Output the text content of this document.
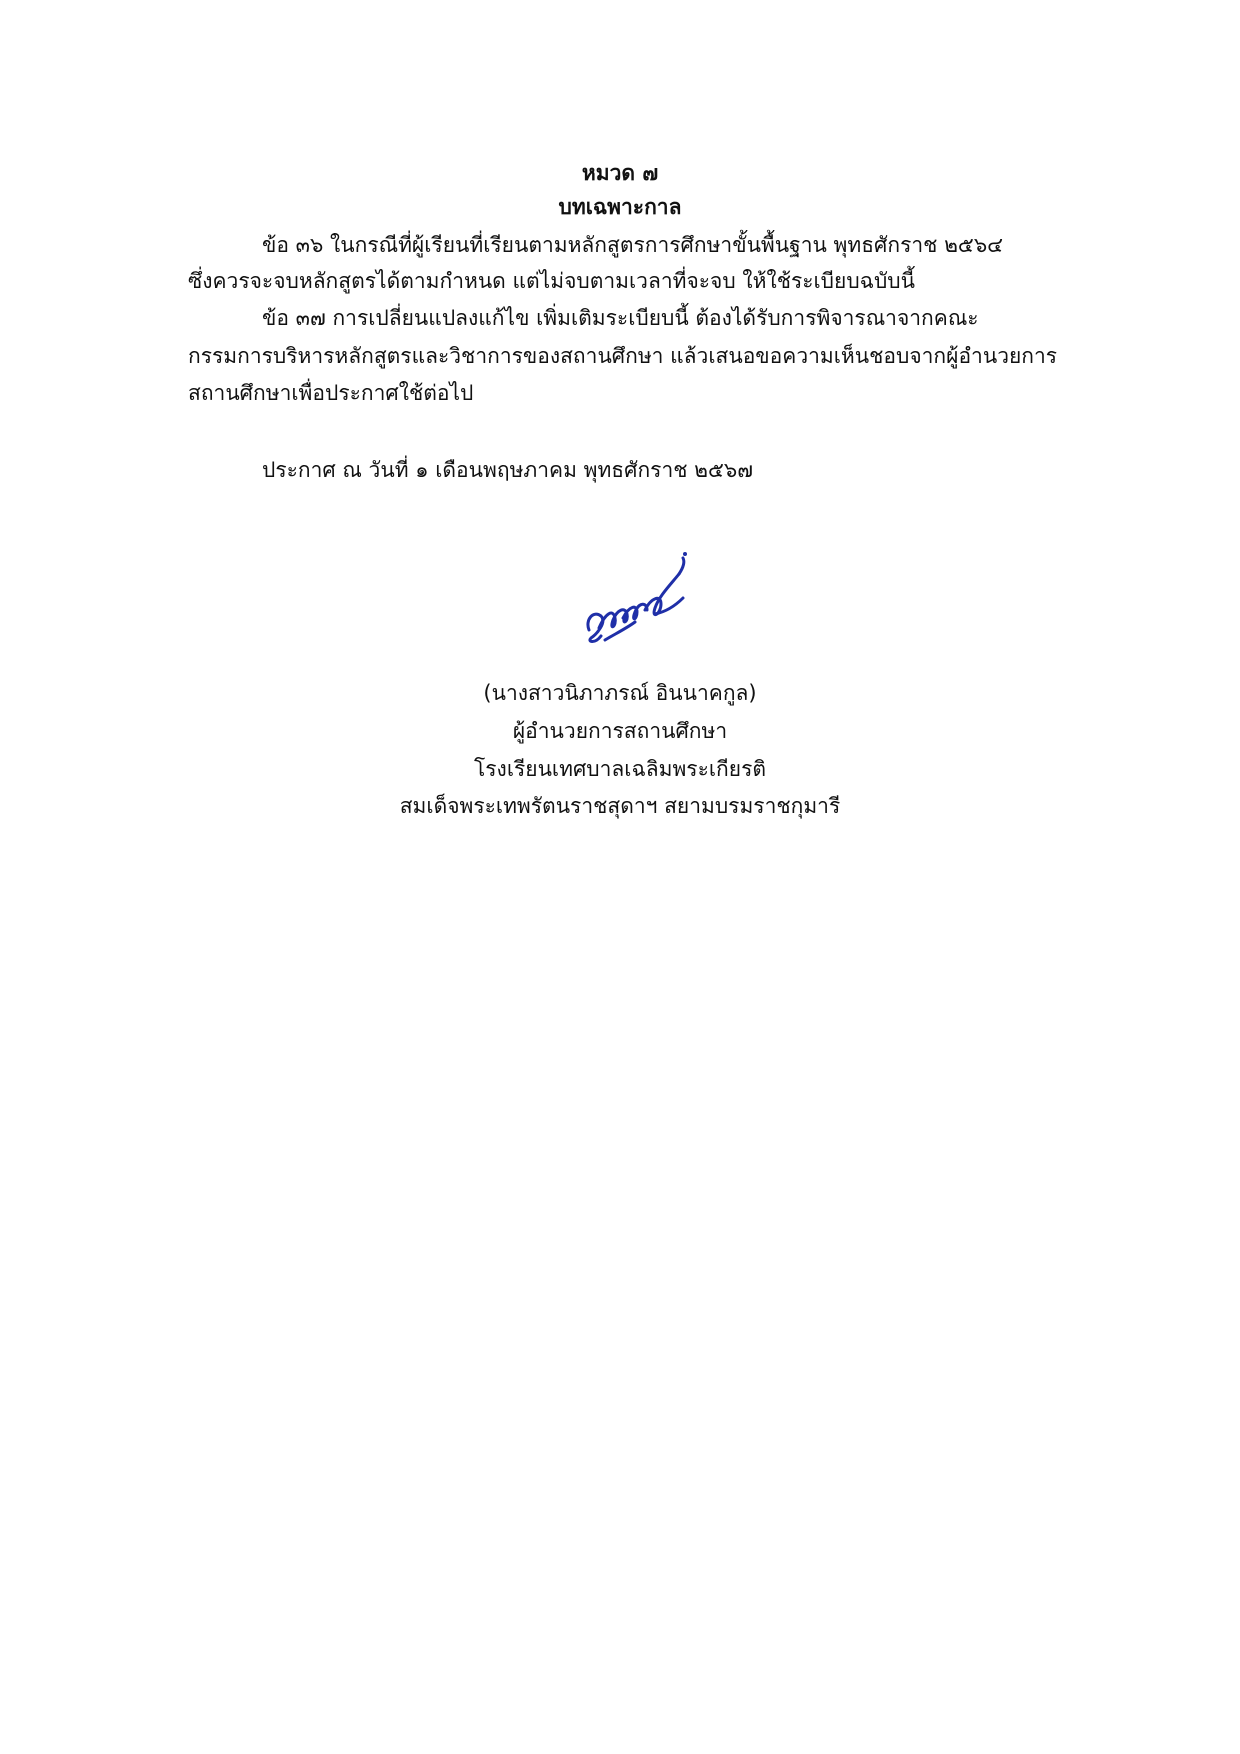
หมวด ๗
บทเฉพาะกาล
ข้อ ๓๖ ในกรณีที่ผู้เรียนที่เรียนตามหลักสูตรการศึกษาขั้นพื้นฐาน พุทธศักราช ๒๕๖๔
ซึ่งควรจะจบหลักสูตรได้ตามกำหนด แต่ไม่จบตามเวลาที่จะจบ ให้ใช้ระเบียบฉบับนี้
ข้อ ๓๗ การเปลี่ยนแปลงแก้ไข เพิ่มเติมระเบียบนี้ ต้องได้รับการพิจารณาจากคณะ
กรรมการบริหารหลักสูตรและวิชาการของสถานศึกษา แล้วเสนอขอความเห็นชอบจากผู้อำนวยการ
สถานศึกษาเพื่อประกาศใช้ต่อไป
ประกาศ ณ วันที่ ๑ เดือนพฤษภาคม พุทธศักราช ๒๕๖๗
(นางสาวนิภาภรณ์ อินนาคกูล)
ผู้อำนวยการสถานศึกษา
โรงเรียนเทศบาลเฉลิมพระเกียรติ
สมเด็จพระเทพรัตนราชสุดาฯ สยามบรมราชกุมารี
